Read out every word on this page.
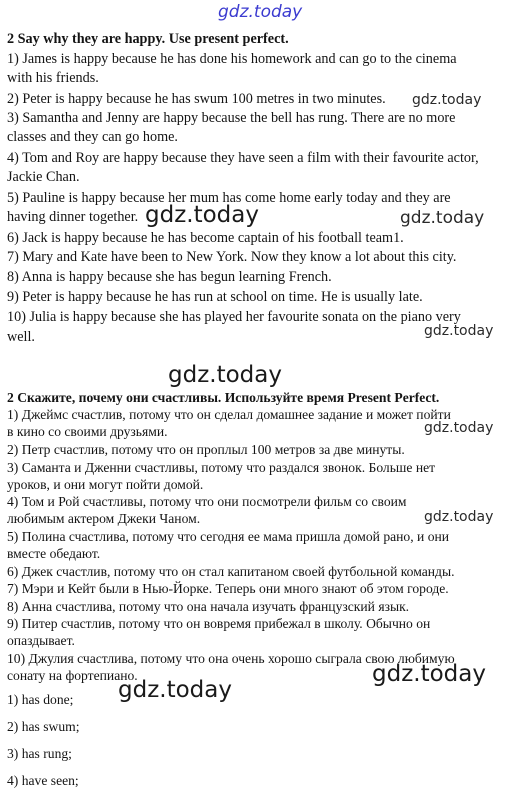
gdz.today
gdz.today
gdz.today	gdz.today
gdz.today
gdz.today
gdz.today
gdz.today
gdz.today
gdz.today
2 Say why they are happy. Use present perfect.
1) James is happy because he has done his homework and can go to the cinema
with his friends.
2) Peter is happy because he has swum 100 metres in two minutes.
3) Samantha and Jenny are happy because the bell has rung. There are no more
classes and they can go home.
4) Tom and Roy are happy because they have seen a film with their favourite actor,
Jackie Chan.
5) Pauline is happy because her mum has come home early today and they are
having dinner together.
6) Jack is happy because he has become captain of his football team1.
7) Mary and Kate have been to New York. Now they know a lot about this city.
8) Anna is happy because she has begun learning French.
9) Peter is happy because he has run at school on time. He is usually late.
10) Julia is happy because she has played her favourite sonata on the piano very
well.
2 Скажите, почему они счастливы. Используйте время Present Perfect.
1) Джеймс счастлив, потому что он сделал домашнее задание и может пойти
в кино со своими друзьями.
2) Петр счастлив, потому что он проплыл 100 метров за две минуты.
3) Саманта и Дженни счастливы, потому что раздался звонок. Больше нет
уроков, и они могут пойти домой.
4) Том и Рой счастливы, потому что они посмотрели фильм со своим
любимым актером Джеки Чаном.
5) Полина счастлива, потому что сегодня ее мама пришла домой рано, и они
вместе обедают.
6) Джек счастлив, потому что он стал капитаном своей футбольной команды.
7) Мэри и Кейт были в Нью-Йорке. Теперь они много знают об этом городе.
8) Анна счастлива, потому что она начала изучать французский язык.
9) Питер счастлив, потому что он вовремя прибежал в школу. Обычно он
опаздывает.
10) Джулия счастлива, потому что она очень хорошо сыграла свою любимую
сонату на фортепиано.
1) has done;
2) has swum;
3) has rung;
4) have seen;
